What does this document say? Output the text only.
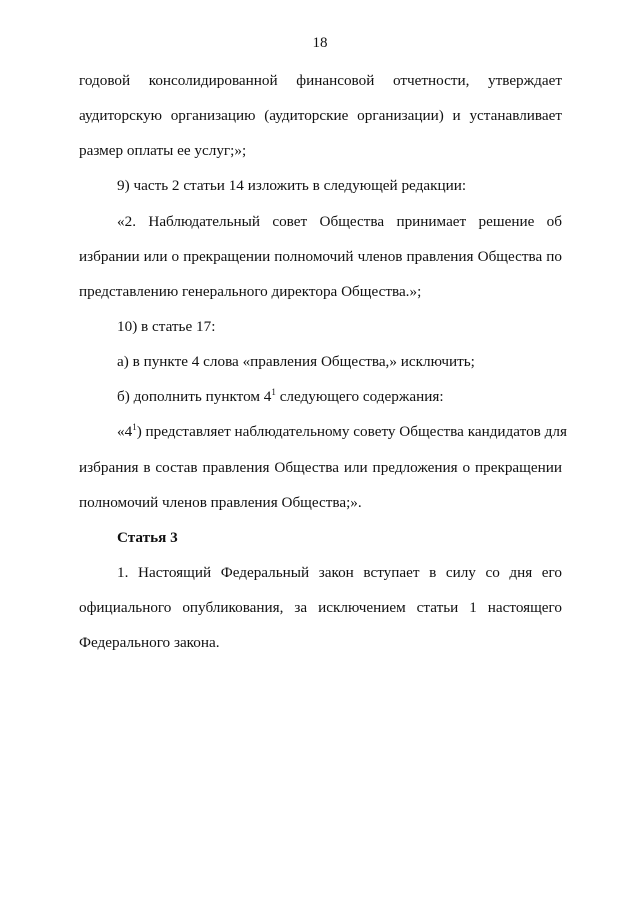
18
годовой консолидированной финансовой отчетности, утверждает
аудиторскую организацию (аудиторские организации) и устанавливает
размер оплаты ее услуг;»;
9) часть 2 статьи 14 изложить в следующей редакции:
«2. Наблюдательный совет Общества принимает решение об
избрании или о прекращении полномочий членов правления Общества по
представлению генерального директора Общества.»;
10) в статье 17:
а) в пункте 4 слова «правления Общества,» исключить;
б) дополнить пунктом $4^1$ следующего содержания:
«$4^1$) представляет наблюдательному совету Общества кандидатов для
избрания в состав правления Общества или предложения о прекращении
полномочий членов правления Общества;».
Статья 3
1. Настоящий Федеральный закон вступает в силу со дня его
официального опубликования, за исключением статьи 1 настоящего
Федерального закона.
